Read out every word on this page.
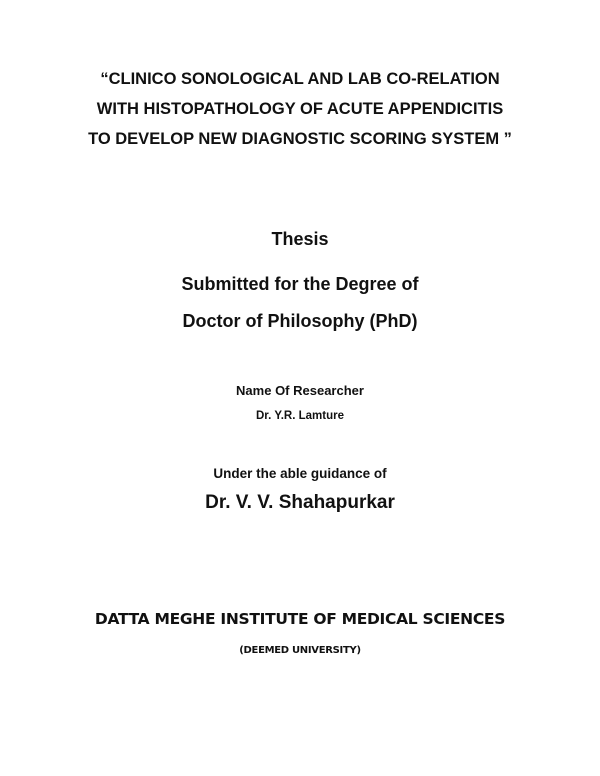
“CLINICO SONOLOGICAL AND LAB CO-RELATION
WITH HISTOPATHOLOGY OF ACUTE APPENDICITIS
TO DEVELOP NEW DIAGNOSTIC SCORING SYSTEM ”
Thesis
Submitted for the Degree of
Doctor of Philosophy (PhD)
Name Of Researcher
Dr. Y.R. Lamture
Under the able guidance of
Dr. V. V. Shahapurkar
DATTA MEGHE INSTITUTE OF MEDICAL SCIENCES
(DEEMED UNIVERSITY)
